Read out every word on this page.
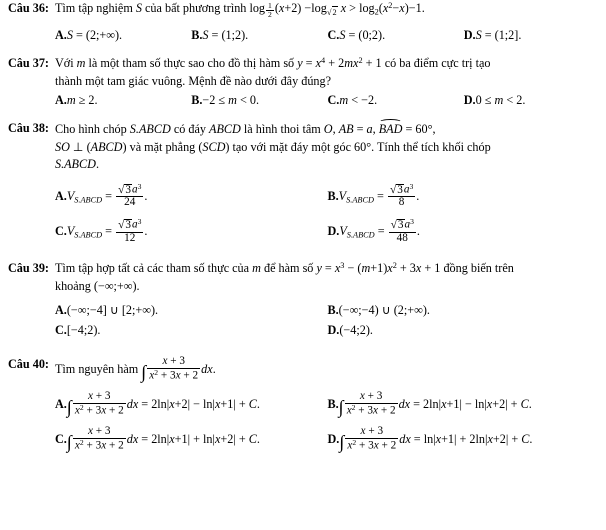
Câu 36: Tìm tập nghiệm S của bất phương trình log $_{\frac{1}{2}}$ $(x+2) -\log_{√2}$ $x > \log_2(x^2-x)-1$.
A.S = (2;+∞).	B.S = (1;2).	C.S = (0;2).	D.S = (1;2].
Câu 37: Với m là một tham số thực sao cho đồ thị hàm số $y = x^4 + 2mx^2 + 1$ có ba điểm cực trị tạo
thành một tam giác vuông. Mệnh đề nào dưới đây đúng?
A.m ≥ 2.	B.−2 ≤ m < 0.	C.m < −2.	D.0 ≤ m < 2.
Câu 38: Cho hình chóp S.ABCD có đáy ABCD là hình thoi tâm O, AB = a, BAD = 60°,
SO ⊥ (ABCD) và mặt phẳng (SCD) tạo với mặt đáy một góc 60°. Tính thể tích khối chóp
S.ABCD.
$A.V_{S.ABCD} = \frac{√3a^3}{24}$ .	$B.V_{S.ABCD} = \frac{√3a^3}{8}$ .
$C.V_{S.ABCD} = \frac{√3a^3}{12}$ .	$D.V_{S.ABCD} = \frac{√3a^3}{48}$ .
Câu 39: Tìm tập hợp tất cả các tham số thực của m để hàm số $y = x^3 - (m+1)x^2 + 3x + 1$ đồng biến trên
khoảng (−∞;+∞).
A.(−∞;−4] ∪ [2;+∞).	B.(−∞;−4) ∪ (2;+∞).
C.[−4;2).	D.(−4;2).
Câu 40: Tìm nguyên hàm ∫ $\frac{x + 3}{x^2 + 3x + 2}$ dx.
$A.\int \frac{x + 3}{x^2 + 3x + 2}$ dx = 2ln|x+2| − ln|x+1| + C.	$B.\int \frac{x + 3}{x^2 + 3x + 2}$ dx = 2ln|x+1| − ln|x+2| + C.
$C.\int \frac{x + 3}{x^2 + 3x + 2}$ dx = 2ln|x+1| + ln|x+2| + C.	$D.\int \frac{x + 3}{x^2 + 3x + 2}$ dx = ln|x+1| + 2ln|x+2| + C.
